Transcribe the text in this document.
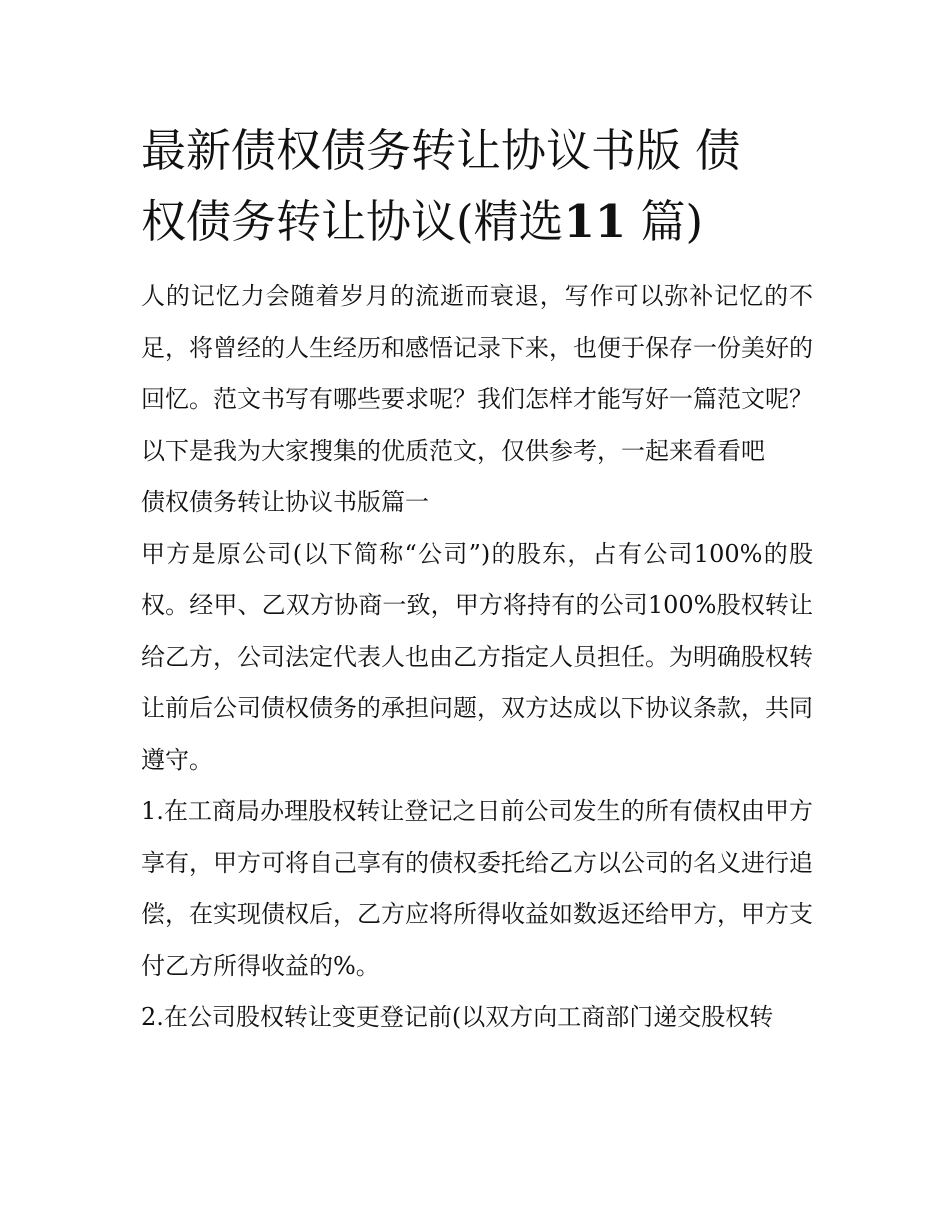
最新债权债务转让协议书版 债
权债务转让协议(精选11 篇)

人的记忆力会随着岁月的流逝而衰退，写作可以弥补记忆的不足，将曾经的人生经历和感悟记录下来，也便于保存一份美好的回忆。范文书写有哪些要求呢？我们怎样才能写好一篇范文呢？以下是我为大家搜集的优质范文，仅供参考，一起来看看吧

债权债务转让协议书版篇一

甲方是原公司(以下简称“公司”)的股东，占有公司100%的股权。经甲、乙双方协商一致，甲方将持有的公司100%股权转让给乙方，公司法定代表人也由乙方指定人员担任。为明确股权转让前后公司债权债务的承担问题，双方达成以下协议条款，共同遵守。

1.在工商局办理股权转让登记之日前公司发生的所有债权由甲方享有，甲方可将自己享有的债权委托给乙方以公司的名义进行追偿，在实现债权后，乙方应将所得收益如数返还给甲方，甲方支付乙方所得收益的%。

2.在公司股权转让变更登记前(以双方向工商部门递交股权转
